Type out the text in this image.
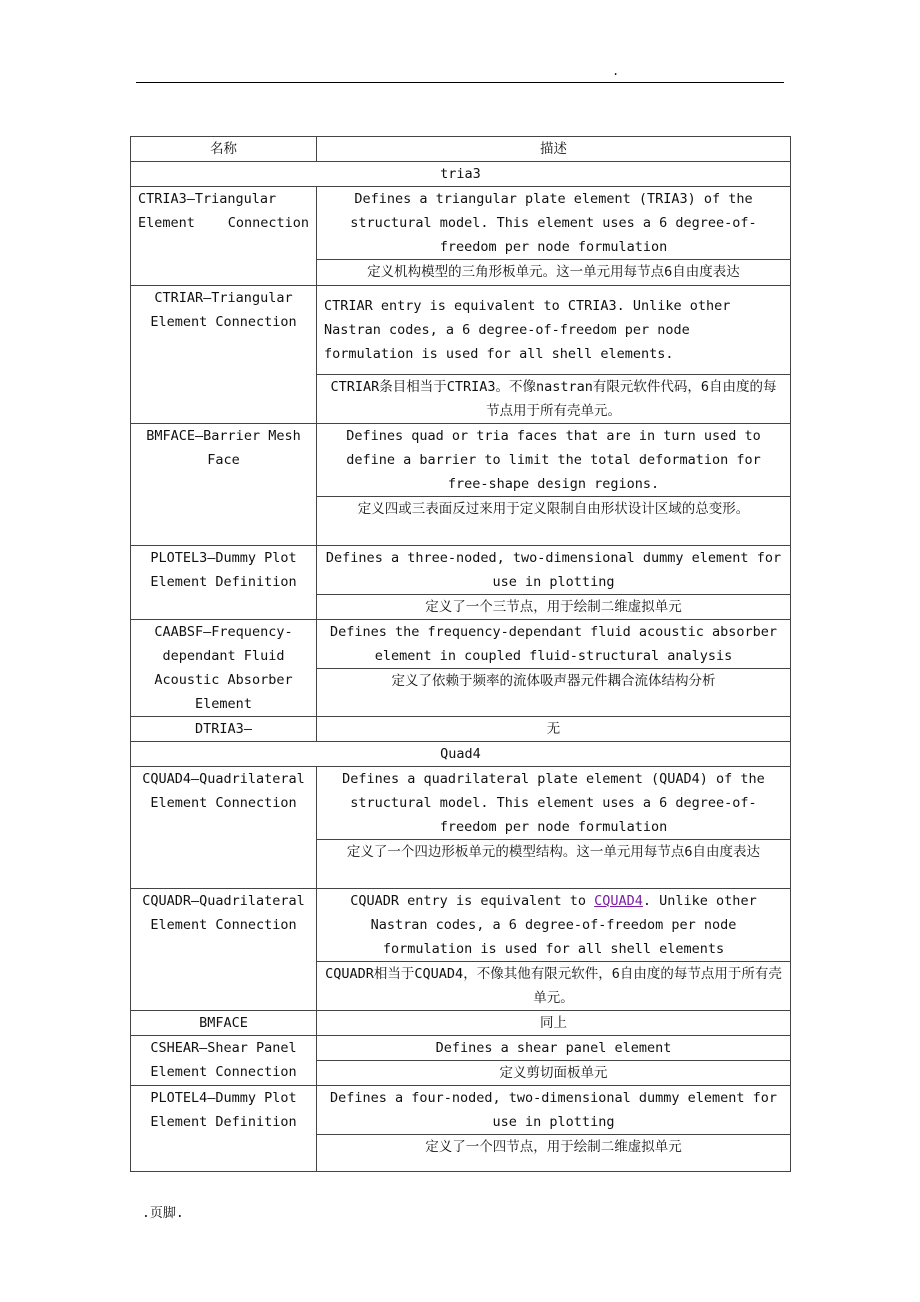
.
名称	描述
tria3	
CTRIA3—Triangular Element Connection	Defines a triangular plate element (TRIA3) of the structural model. This element uses a 6 degree-of-freedom per node formulation
	定义机构模型的三角形板单元。这一单元用每节点6自由度表达
CTRIAR—Triangular Element Connection	CTRIAR entry is equivalent to CTRIA3. Unlike other Nastran codes, a 6 degree-of-freedom per node formulation is used for all shell elements.
	CTRIAR条目相当于CTRIA3。不像nastran有限元软件代码，6自由度的每节点用于所有壳单元。
BMFACE—Barrier Mesh Face	Defines quad or tria faces that are in turn used to define a barrier to limit the total deformation for free-shape design regions.
	定义四或三表面反过来用于定义限制自由形状设计区域的总变形。
PLOTEL3—Dummy Plot Element Definition	Defines a three-noded, two-dimensional dummy element for use in plotting
	定义了一个三节点，用于绘制二维虚拟单元
CAABSF—Frequency-dependant Fluid Acoustic Absorber Element	Defines the frequency-dependant fluid acoustic absorber element in coupled fluid-structural analysis
	定义了依赖于频率的流体吸声器元件耦合流体结构分析
DTRIA3—	无
Quad4	
CQUAD4—Quadrilateral Element Connection	Defines a quadrilateral plate element (QUAD4) of the structural model. This element uses a 6 degree-of-freedom per node formulation
	定义了一个四边形板单元的模型结构。这一单元用每节点6自由度表达
CQUADR—Quadrilateral Element Connection	CQUADR entry is equivalent to CQUAD4. Unlike other Nastran codes, a 6 degree-of-freedom per node formulation is used for all shell elements
	CQUADR相当于CQUAD4，不像其他有限元软件，6自由度的每节点用于所有壳单元。
BMFACE	同上
CSHEAR—Shear Panel Element Connection	Defines a shear panel element
	定义剪切面板单元
PLOTEL4—Dummy Plot Element Definition	Defines a four-noded, two-dimensional dummy element for use in plotting
	定义了一个四节点，用于绘制二维虚拟单元
.页脚.
